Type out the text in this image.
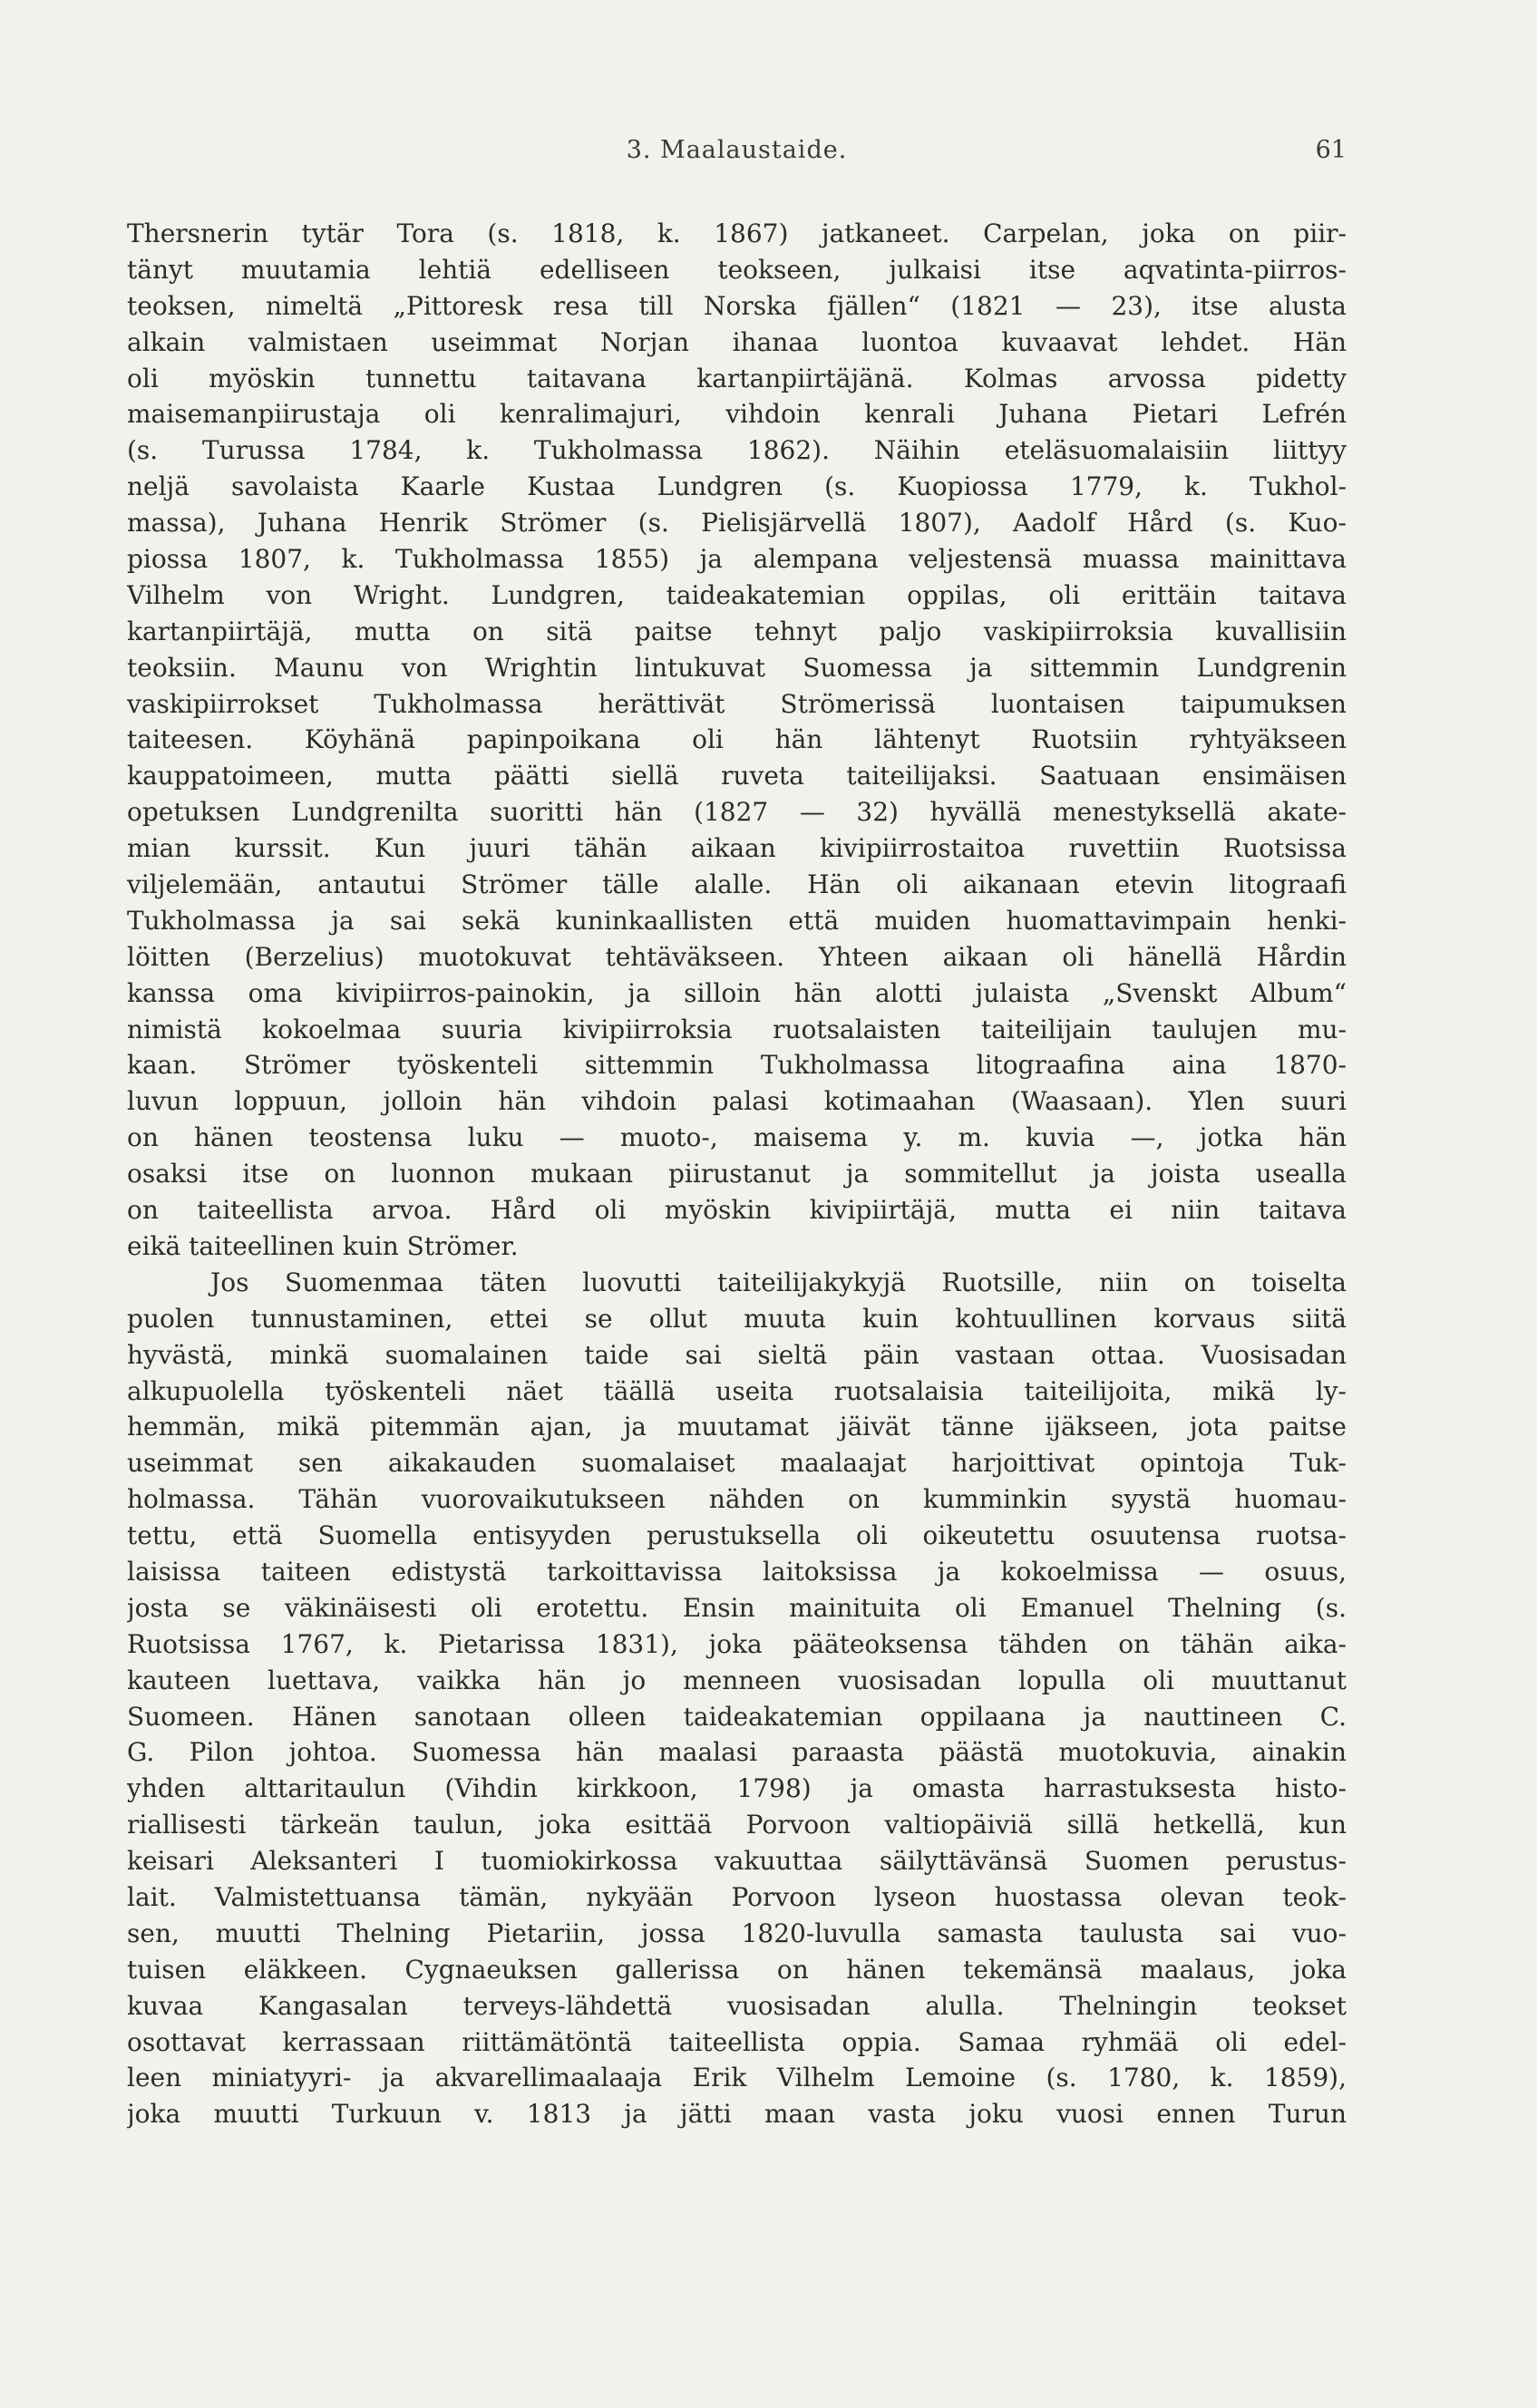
3. Maalaustaide.	61
Thersnerin tytär Tora (s. 1818, k. 1867) jatkaneet. Carpelan, joka on piir-
tänyt muutamia lehtiä edelliseen teokseen, julkaisi itse aqvatinta-piirros-
teoksen, nimeltä „Pittoresk resa till Norska fjällen“ (1821 — 23), itse alusta
alkain valmistaen useimmat Norjan ihanaa luontoa kuvaavat lehdet. Hän
oli myöskin tunnettu taitavana kartanpiirtäjänä. Kolmas arvossa pidetty
maisemanpiirustaja oli kenralimajuri, vihdoin kenrali Juhana Pietari Lefrén
(s. Turussa 1784, k. Tukholmassa 1862). Näihin eteläsuomalaisiin liittyy
neljä savolaista Kaarle Kustaa Lundgren (s. Kuopiossa 1779, k. Tukhol-
massa), Juhana Henrik Strömer (s. Pielisjärvellä 1807), Aadolf Hård (s. Kuo-
piossa 1807, k. Tukholmassa 1855) ja alempana veljestensä muassa mainittava
Vilhelm von Wright. Lundgren, taideakatemian oppilas, oli erittäin taitava
kartanpiirtäjä, mutta on sitä paitse tehnyt paljo vaskipiirroksia kuvallisiin
teoksiin. Maunu von Wrightin lintukuvat Suomessa ja sittemmin Lundgrenin
vaskipiirrokset Tukholmassa herättivät Strömerissä luontaisen taipumuksen
taiteesen. Köyhänä papinpoikana oli hän lähtenyt Ruotsiin ryhtyäkseen
kauppatoimeen, mutta päätti siellä ruveta taiteilijaksi. Saatuaan ensimäisen
opetuksen Lundgrenilta suoritti hän (1827 — 32) hyvällä menestyksellä akate-
mian kurssit. Kun juuri tähän aikaan kivipiirrostaitoa ruvettiin Ruotsissa
viljelemään, antautui Strömer tälle alalle. Hän oli aikanaan etevin litograafi
Tukholmassa ja sai sekä kuninkaallisten että muiden huomattavimpain henki-
löitten (Berzelius) muotokuvat tehtäväkseen. Yhteen aikaan oli hänellä Hårdin
kanssa oma kivipiirros-painokin, ja silloin hän alotti julaista „Svenskt Album“
nimistä kokoelmaa suuria kivipiirroksia ruotsalaisten taiteilijain taulujen mu-
kaan. Strömer työskenteli sittemmin Tukholmassa litograafina aina 1870-
luvun loppuun, jolloin hän vihdoin palasi kotimaahan (Waasaan). Ylen suuri
on hänen teostensa luku — muoto-, maisema y. m. kuvia —, jotka hän
osaksi itse on luonnon mukaan piirustanut ja sommitellut ja joista usealla
on taiteellista arvoa. Hård oli myöskin kivipiirtäjä, mutta ei niin taitava
eikä taiteellinen kuin Strömer.
Jos Suomenmaa täten luovutti taiteilijakykyjä Ruotsille, niin on toiselta
puolen tunnustaminen, ettei se ollut muuta kuin kohtuullinen korvaus siitä
hyvästä, minkä suomalainen taide sai sieltä päin vastaan ottaa. Vuosisadan
alkupuolella työskenteli näet täällä useita ruotsalaisia taiteilijoita, mikä ly-
hemmän, mikä pitemmän ajan, ja muutamat jäivät tänne ijäkseen, jota paitse
useimmat sen aikakauden suomalaiset maalaajat harjoittivat opintoja Tuk-
holmassa. Tähän vuorovaikutukseen nähden on kumminkin syystä huomau-
tettu, että Suomella entisyyden perustuksella oli oikeutettu osuutensa ruotsa-
laisissa taiteen edistystä tarkoittavissa laitoksissa ja kokoelmissa — osuus,
josta se väkinäisesti oli erotettu. Ensin mainituita oli Emanuel Thelning (s.
Ruotsissa 1767, k. Pietarissa 1831), joka pääteoksensa tähden on tähän aika-
kauteen luettava, vaikka hän jo menneen vuosisadan lopulla oli muuttanut
Suomeen. Hänen sanotaan olleen taideakatemian oppilaana ja nauttineen C.
G. Pilon johtoa. Suomessa hän maalasi paraasta päästä muotokuvia, ainakin
yhden alttaritaulun (Vihdin kirkkoon, 1798) ja omasta harrastuksesta histo-
riallisesti tärkeän taulun, joka esittää Porvoon valtiopäiviä sillä hetkellä, kun
keisari Aleksanteri I tuomiokirkossa vakuuttaa säilyttävänsä Suomen perustus-
lait. Valmistettuansa tämän, nykyään Porvoon lyseon huostassa olevan teok-
sen, muutti Thelning Pietariin, jossa 1820-luvulla samasta taulusta sai vuo-
tuisen eläkkeen. Cygnaeuksen gallerissa on hänen tekemänsä maalaus, joka
kuvaa Kangasalan terveys-lähdettä vuosisadan alulla. Thelningin teokset
osottavat kerrassaan riittämätöntä taiteellista oppia. Samaa ryhmää oli edel-
leen miniatyyri- ja akvarellimaalaaja Erik Vilhelm Lemoine (s. 1780, k. 1859),
joka muutti Turkuun v. 1813 ja jätti maan vasta joku vuosi ennen Turun
